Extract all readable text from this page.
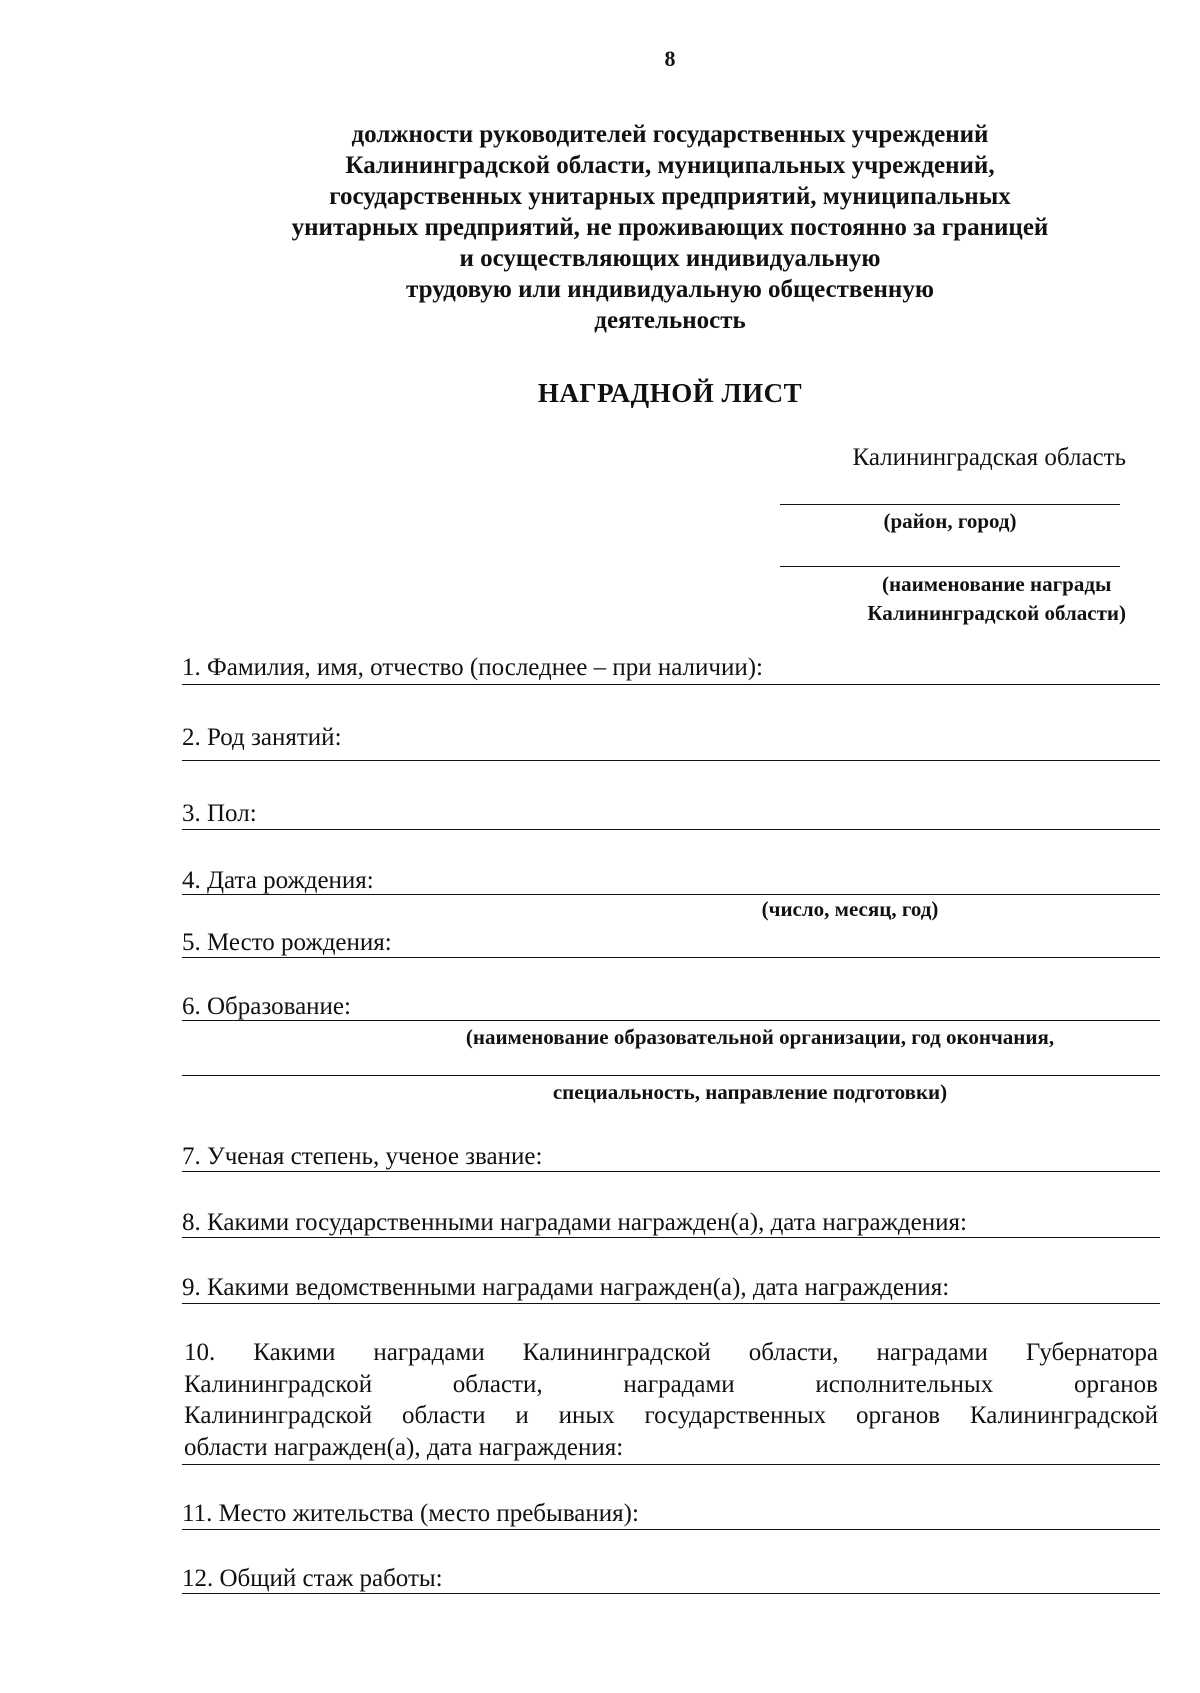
8
должности руководителей государственных учреждений
Калининградской области, муниципальных учреждений,
государственных унитарных предприятий, муниципальных
унитарных предприятий, не проживающих постоянно за границей
и осуществляющих индивидуальную
трудовую или индивидуальную общественную
деятельность
НАГРАДНОЙ ЛИСТ
Калининградская область
(район, город)
(наименование награды
Калининградской области)
1. Фамилия, имя, отчество (последнее – при наличии):
2. Род занятий:
3. Пол:
4. Дата рождения:
(число, месяц, год)
5. Место рождения:
6. Образование:
(наименование образовательной организации, год окончания,
специальность, направление подготовки)
7. Ученая степень, ученое звание:
8. Какими государственными наградами награжден(а), дата награждения:
9. Какими ведомственными наградами награжден(а), дата награждения:
10. Какими наградами Калининградской области, наградами Губернатора
Калининградской области, наградами исполнительных органов
Калининградской области и иных государственных органов Калининградской
области награжден(а), дата награждения:
11. Место жительства (место пребывания):
12. Общий стаж работы:
